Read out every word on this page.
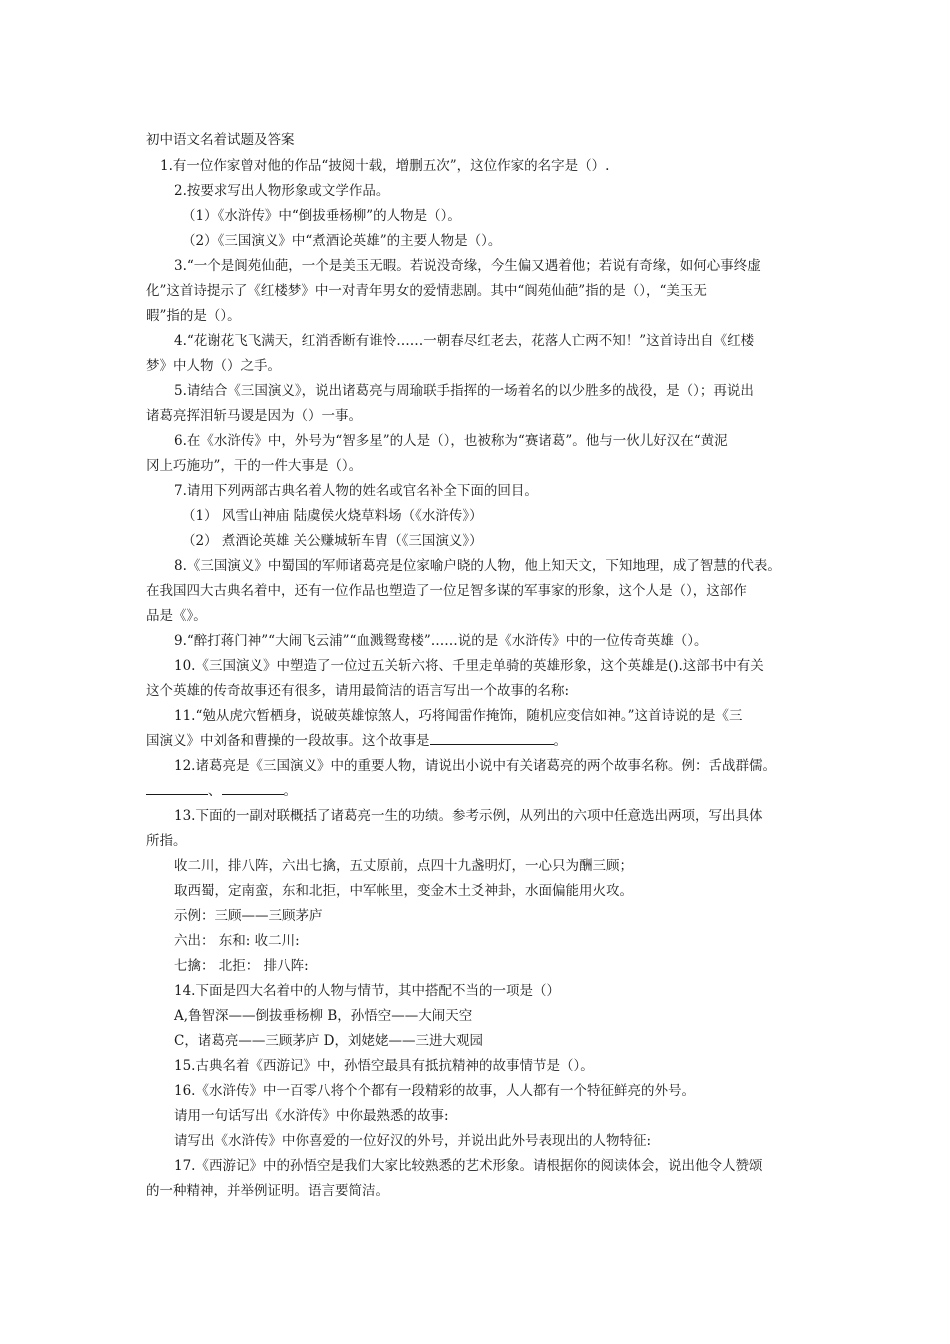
初中语文名着试题及答案
1.有一位作家曾对他的作品“披阅十载，增删五次”，这位作家的名字是（）.
2.按要求写出人物形象或文学作品。
（1）《水浒传》中“倒拔垂杨柳”的人物是（）。
（2）《三国演义》中“煮酒论英雄”的主要人物是（）。
3.“一个是阆苑仙葩，一个是美玉无暇。若说没奇缘，今生偏又遇着他；若说有奇缘，如何心事终虚
化”这首诗提示了《红楼梦》中一对青年男女的爱情悲剧。其中“阆苑仙葩”指的是（），“美玉无
暇”指的是（）。
4.“花谢花飞飞满天，红消香断有谁怜……一朝春尽红老去，花落人亡两不知！”这首诗出自《红楼
梦》中人物（）之手。
5.请结合《三国演义》，说出诸葛亮与周瑜联手指挥的一场着名的以少胜多的战役，是（）；再说出
诸葛亮挥泪斩马谡是因为（）一事。
6.在《水浒传》中，外号为“智多星”的人是（），也被称为“赛诸葛”。他与一伙儿好汉在“黄泥
冈上巧施功”，干的一件大事是（）。
7.请用下列两部古典名着人物的姓名或官名补全下面的回目。
（1） 风雪山神庙 陆虞侯火烧草料场（《水浒传》）
（2） 煮酒论英雄 关公赚城斩车胄（《三国演义》）
8.《三国演义》中蜀国的军师诸葛亮是位家喻户晓的人物，他上知天文，下知地理，成了智慧的代表。
在我国四大古典名着中，还有一位作品也塑造了一位足智多谋的军事家的形象，这个人是（），这部作
品是《》。
9.“醉打蒋门神”“大闹飞云浦”“血溅鸳鸯楼”……说的是《水浒传》中的一位传奇英雄（）。
10.《三国演义》中塑造了一位过五关斩六将、千里走单骑的英雄形象，这个英雄是().这部书中有关
这个英雄的传奇故事还有很多，请用最简洁的语言写出一个故事的名称:
11.“勉从虎穴暂栖身，说破英雄惊煞人，巧将闻雷作掩饰，随机应变信如神。”这首诗说的是《三
国演义》中刘备和曹操的一段故事。这个故事是	。
12.诸葛亮是《三国演义》中的重要人物，请说出小说中有关诸葛亮的两个故事名称。例：舌战群儒。
、	。
13.下面的一副对联概括了诸葛亮一生的功绩。参考示例，从列出的六项中任意选出两项，写出具体
所指。
收二川，排八阵，六出七擒，五丈原前，点四十九盏明灯，一心只为酬三顾；
取西蜀，定南蛮，东和北拒，中军帐里，变金木土爻神卦，水面偏能用火攻。
示例：三顾——三顾茅庐
六出： 东和: 收二川:
七擒： 北拒： 排八阵:
14.下面是四大名着中的人物与情节，其中搭配不当的一项是（）
A,鲁智深——倒拔垂杨柳 B，孙悟空——大闹天空
C，诸葛亮——三顾茅庐 D，刘姥姥——三进大观园
15.古典名着《西游记》中，孙悟空最具有抵抗精神的故事情节是（）。
16.《水浒传》中一百零八将个个都有一段精彩的故事，人人都有一个特征鲜亮的外号。
请用一句话写出《水浒传》中你最熟悉的故事:
请写出《水浒传》中你喜爱的一位好汉的外号，并说出此外号表现出的人物特征:
17.《西游记》中的孙悟空是我们大家比较熟悉的艺术形象。请根据你的阅读体会，说出他令人赞颂
的一种精神，并举例证明。语言要简洁。
